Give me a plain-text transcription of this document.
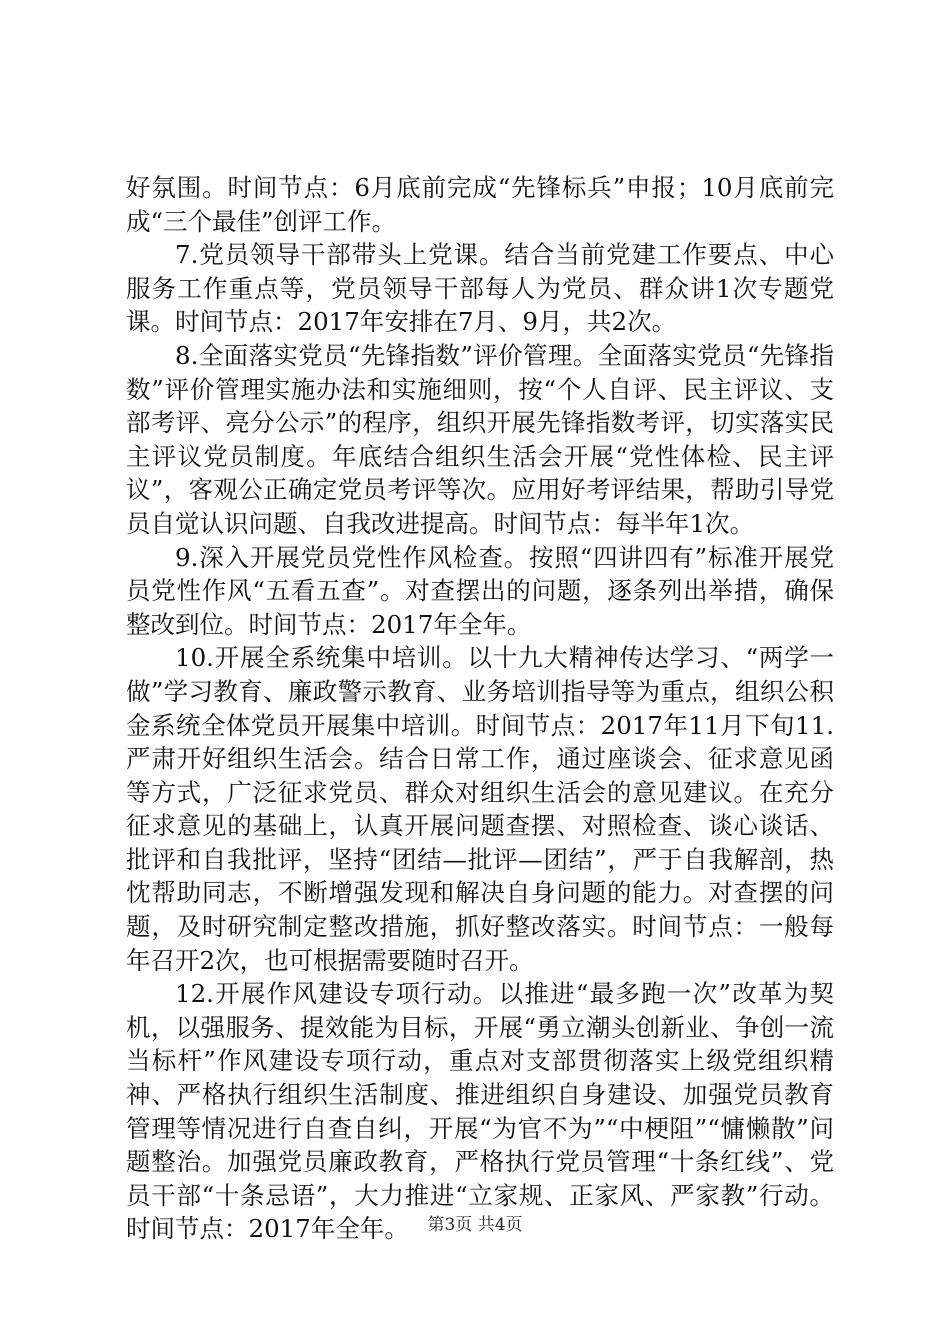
好氛围。时间节点：6月底前完成“先锋标兵”申报；10月底前完成“三个最佳”创评工作。

7.党员领导干部带头上党课。结合当前党建工作要点、中心服务工作重点等，党员领导干部每人为党员、群众讲1次专题党课。时间节点：2017年安排在7月、9月，共2次。

8.全面落实党员“先锋指数”评价管理。全面落实党员“先锋指数”评价管理实施办法和实施细则，按“个人自评、民主评议、支部考评、亮分公示”的程序，组织开展先锋指数考评，切实落实民主评议党员制度。年底结合组织生活会开展“党性体检、民主评议”，客观公正确定党员考评等次。应用好考评结果，帮助引导党员自觉认识问题、自我改进提高。时间节点：每半年1次。

9.深入开展党员党性作风检查。按照“四讲四有”标准开展党员党性作风“五看五查”。对查摆出的问题，逐条列出举措，确保整改到位。时间节点：2017年全年。

10.开展全系统集中培训。以十九大精神传达学习、“两学一做”学习教育、廉政警示教育、业务培训指导等为重点，组织公积金系统全体党员开展集中培训。时间节点：2017年11月下旬11.严肃开好组织生活会。结合日常工作，通过座谈会、征求意见函等方式，广泛征求党员、群众对组织生活会的意见建议。在充分征求意见的基础上，认真开展问题查摆、对照检查、谈心谈话、批评和自我批评，坚持“团结—批评—团结”，严于自我解剖，热忱帮助同志，不断增强发现和解决自身问题的能力。对查摆的问题，及时研究制定整改措施，抓好整改落实。时间节点：一般每年召开2次，也可根据需要随时召开。

12.开展作风建设专项行动。以推进“最多跑一次”改革为契机，以强服务、提效能为目标，开展“勇立潮头创新业、争创一流当标杆”作风建设专项行动，重点对支部贯彻落实上级党组织精神、严格执行组织生活制度、推进组织自身建设、加强党员教育管理等情况进行自查自纠，开展“为官不为”“中梗阻”“慵懒散”问题整治。加强党员廉政教育，严格执行党员管理“十条红线”、党员干部“十条忌语”，大力推进“立家规、正家风、严家教”行动。时间节点：2017年全年。	第3页 共4页
